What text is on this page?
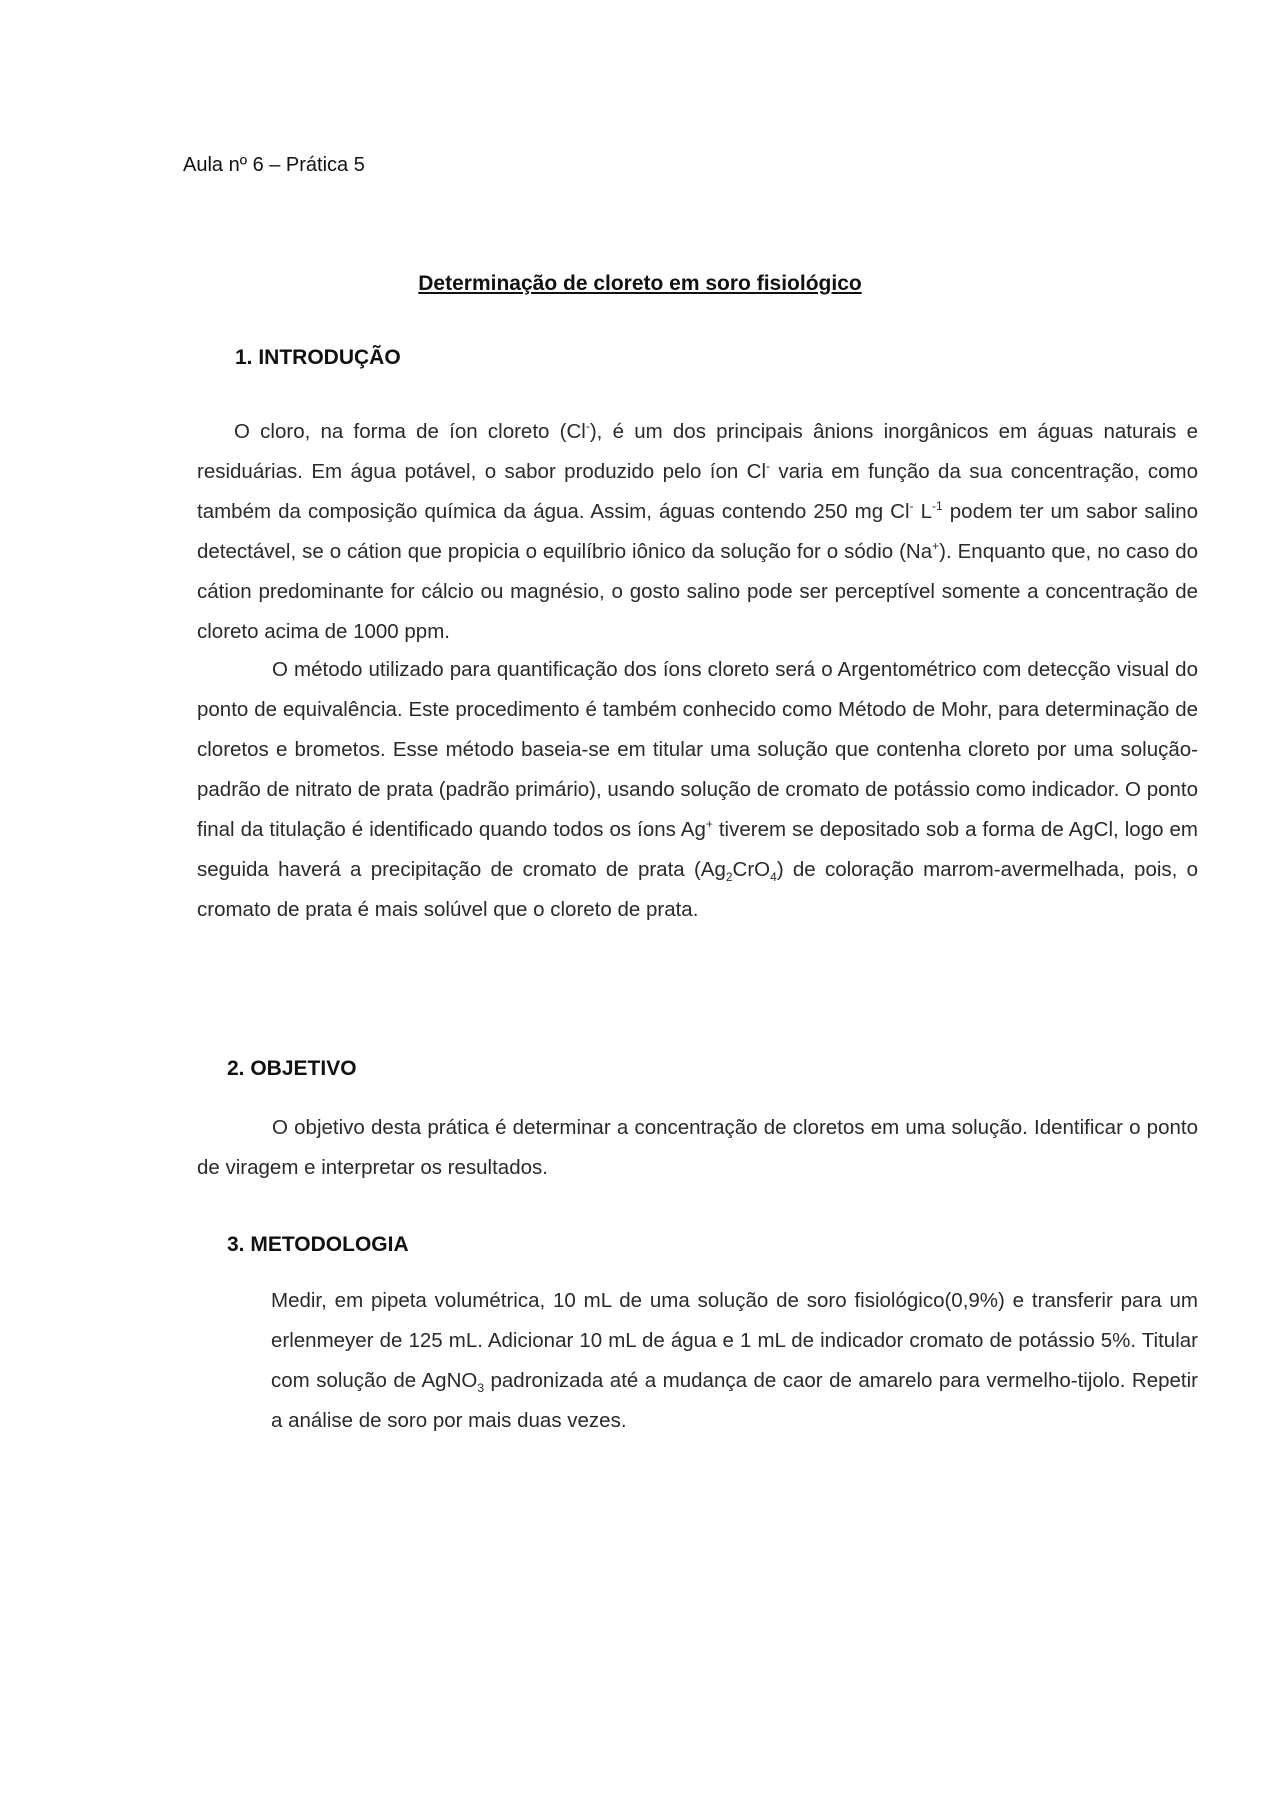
Aula nº 6 – Prática 5
Determinação de cloreto em soro fisiológico
1. INTRODUÇÃO

O cloro, na forma de íon cloreto (Cl-), é um dos principais ânions inorgânicos em águas naturais e residuárias. Em água potável, o sabor produzido pelo íon Cl- varia em função da sua concentração, como também da composição química da água. Assim, águas contendo 250 mg Cl- $L^{-1}$ podem ter um sabor salino detectável, se o cátion que propicia o equilíbrio iônico da solução for o sódio (Na+). Enquanto que, no caso do cátion predominante for cálcio ou magnésio, o gosto salino pode ser perceptível somente a concentração de cloreto acima de 1000 ppm.

O método utilizado para quantificação dos íons cloreto será o Argentométrico com detecção visual do ponto de equivalência. Este procedimento é também conhecido como Método de Mohr, para determinação de cloretos e brometos. Esse método baseia-se em titular uma solução que contenha cloreto por uma solução-padrão de nitrato de prata (padrão primário), usando solução de cromato de potássio como indicador. O ponto final da titulação é identificado quando todos os íons Ag+ tiverem se depositado sob a forma de AgCl, logo em seguida haverá a precipitação de cromato de prata $(Ag_2CrO_4)$ de coloração marrom-avermelhada, pois, o cromato de prata é mais solúvel que o cloreto de prata.

2. OBJETIVO

O objetivo desta prática é determinar a concentração de cloretos em uma solução. Identificar o ponto de viragem e interpretar os resultados.

3. METODOLOGIA

Medir, em pipeta volumétrica, 10 mL de uma solução de soro fisiológico(0,9%) e transferir para um erlenmeyer de 125 mL. Adicionar 10 mL de água e 1 mL de indicador cromato de potássio 5%. Titular com solução de AgNO$_3$ padronizada até a mudança de caor de amarelo para vermelho-tijolo. Repetir a análise de soro por mais duas vezes.
